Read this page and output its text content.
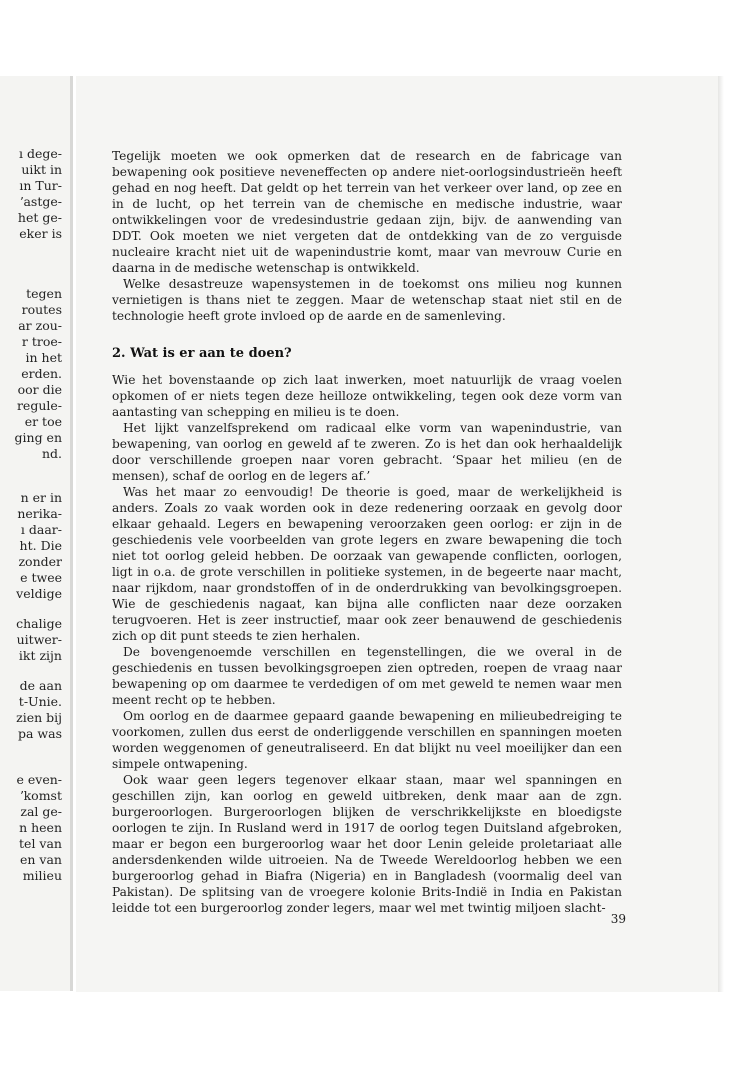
ı dege-
uikt in
ın Tur-
ʼastge-
het ge-
eker is
tegen
routes
ar zou-
r troe-
in het
erden.
oor die
regule-
er toe
ging en
nd.
n er in
nerika-
ı daar-
ht. Die
zonder
e twee
veldige
chalige
uitwer-
ikt zijn
de aan
t-Unie.
zien bij
pa was
e even-
ʼkomst
zal ge-
n heen
tel van
en van
milieu

Tegelijk moeten we ook opmerken dat de research en de fabricage van bewapening ook positieve neveneffecten op andere niet-oorlogsindustrieën heeft gehad en nog heeft. Dat geldt op het terrein van het verkeer over land, op zee en in de lucht, op het terrein van de chemische en medische industrie, waar ontwikkelingen voor de vredesindustrie gedaan zijn, bijv. de aanwending van DDT. Ook moeten we niet vergeten dat de ontdekking van de zo verguisde nucleaire kracht niet uit de wapenindustrie komt, maar van mevrouw Curie en daarna in de medische wetenschap is ontwikkeld.

Welke desastreuze wapensystemen in de toekomst ons milieu nog kunnen vernietigen is thans niet te zeggen. Maar de wetenschap staat niet stil en de technologie heeft grote invloed op de aarde en de samenleving.

2. Wat is er aan te doen?

Wie het bovenstaande op zich laat inwerken, moet natuurlijk de vraag voelen opkomen of er niets tegen deze heilloze ontwikkeling, tegen ook deze vorm van aantasting van schepping en milieu is te doen.

Het lijkt vanzelfsprekend om radicaal elke vorm van wapenindustrie, van bewapening, van oorlog en geweld af te zweren. Zo is het dan ook herhaaldelijk door verschillende groepen naar voren gebracht. ‘Spaar het milieu (en de mensen), schaf de oorlog en de legers af.’

Was het maar zo eenvoudig! De theorie is goed, maar de werkelijkheid is anders. Zoals zo vaak worden ook in deze redenering oorzaak en gevolg door elkaar gehaald. Legers en bewapening veroorzaken geen oorlog: er zijn in de geschiedenis vele voorbeelden van grote legers en zware bewapening die toch niet tot oorlog geleid hebben. De oorzaak van gewapende conflicten, oorlogen, ligt in o.a. de grote verschillen in politieke systemen, in de begeerte naar macht, naar rijkdom, naar grondstoffen of in de onderdrukking van bevolkingsgroepen. Wie de geschiedenis nagaat, kan bijna alle conflicten naar deze oorzaken terugvoeren. Het is zeer instructief, maar ook zeer benauwend de geschiedenis zich op dit punt steeds te zien herhalen.

De bovengenoemde verschillen en tegenstellingen, die we overal in de geschiedenis en tussen bevolkingsgroepen zien optreden, roepen de vraag naar bewapening op om daarmee te verdedigen of om met geweld te nemen waar men meent recht op te hebben.

Om oorlog en de daarmee gepaard gaande bewapening en milieubedreiging te voorkomen, zullen dus eerst de onderliggende verschillen en spanningen moeten worden weggenomen of geneutraliseerd. En dat blijkt nu veel moeilijker dan een simpele ontwapening.

Ook waar geen legers tegenover elkaar staan, maar wel spanningen en geschillen zijn, kan oorlog en geweld uitbreken, denk maar aan de zgn. burgeroorlogen. Burgeroorlogen blijken de verschrikkelijkste en bloedigste oorlogen te zijn. In Rusland werd in 1917 de oorlog tegen Duitsland afgebroken, maar er begon een burgeroorlog waar het door Lenin geleide proletariaat alle andersdenkenden wilde uitroeien. Na de Tweede Wereldoorlog hebben we een burgeroorlog gehad in Biafra (Nigeria) en in Bangladesh (voormalig deel van Pakistan). De splitsing van de vroegere kolonie Brits-Indië in India en Pakistan leidde tot een burgeroorlog zonder legers, maar wel met twintig miljoen slacht-

39
